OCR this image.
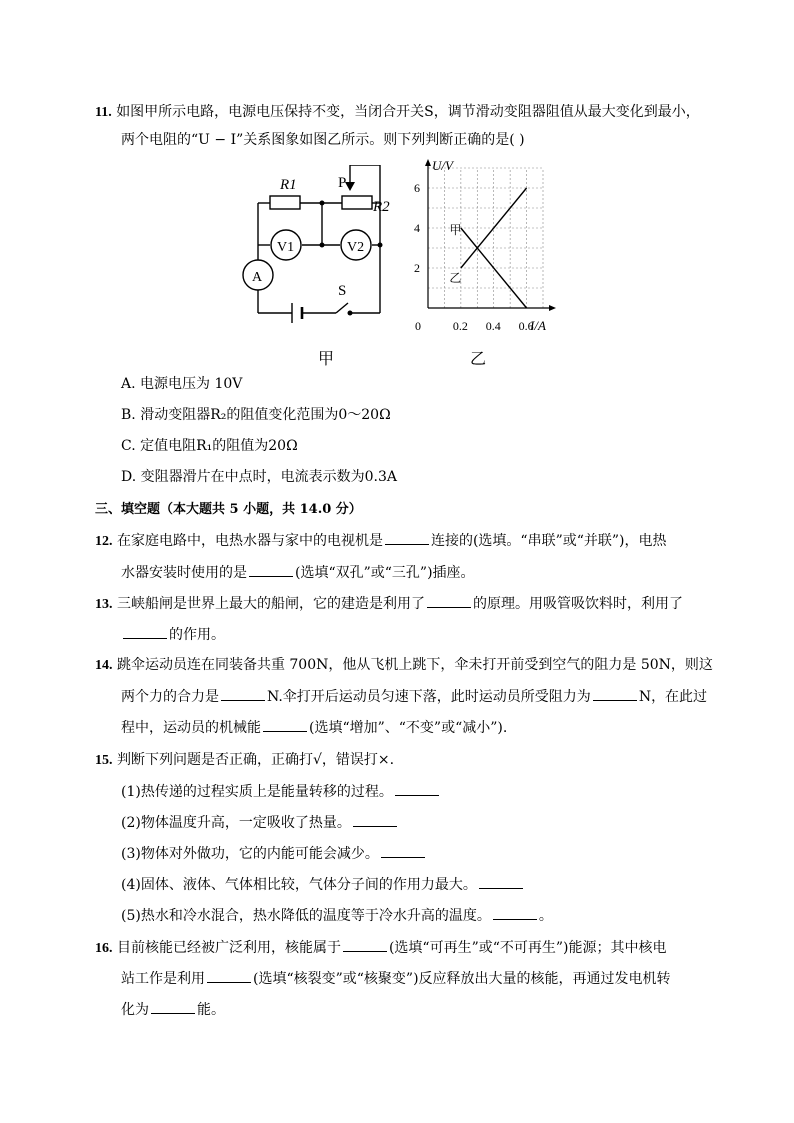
11. 如图甲所示电路，电源电压保持不变，当闭合开关S，调节滑动变阻器阻值从最大变化到最小，
两个电阻的“U − I”关系图象如图乙所示。则下列判断正确的是( )
R1	P
R2
V1	V2
A
S
甲
U/V
I/A
0	0.2 0.4 0.6
2
4
6
甲
乙
乙
A. 电源电压为 10V
B. 滑动变阻器R₂的阻值变化范围为0～20Ω
C. 定值电阻R₁的阻值为20Ω
D. 变阻器滑片在中点时，电流表示数为0.3A
三、填空题（本大题共 5 小题，共 14.0 分）
12. 在家庭电路中，电热水器与家中的电视机是	连接的(选填。“串联”或“并联”)，电热
水器安装时使用的是	(选填“双孔”或“三孔”)插座。
13. 三峡船闸是世界上最大的船闸，它的建造是利用了	的原理。用吸管吸饮料时，利用了
的作用。
14. 跳伞运动员连在同装备共重 700N，他从飞机上跳下，伞未打开前受到空气的阻力是 50N，则这
两个力的合力是	N.伞打开后运动员匀速下落，此时运动员所受阻力为	N，在此过
程中，运动员的机械能	(选填“增加”、“不变”或“减小”).
15. 判断下列问题是否正确，正确打√，错误打×.
(1)热传递的过程实质上是能量转移的过程。
(2)物体温度升高，一定吸收了热量。
(3)物体对外做功，它的内能可能会减少。
(4)固体、液体、气体相比较，气体分子间的作用力最大。
(5)热水和冷水混合，热水降低的温度等于冷水升高的温度。	。
16. 目前核能已经被广泛利用，核能属于	(选填“可再生”或“不可再生”)能源；其中核电
站工作是利用	(选填“核裂变”或“核聚变”)反应释放出大量的核能，再通过发电机转
化为	能。
